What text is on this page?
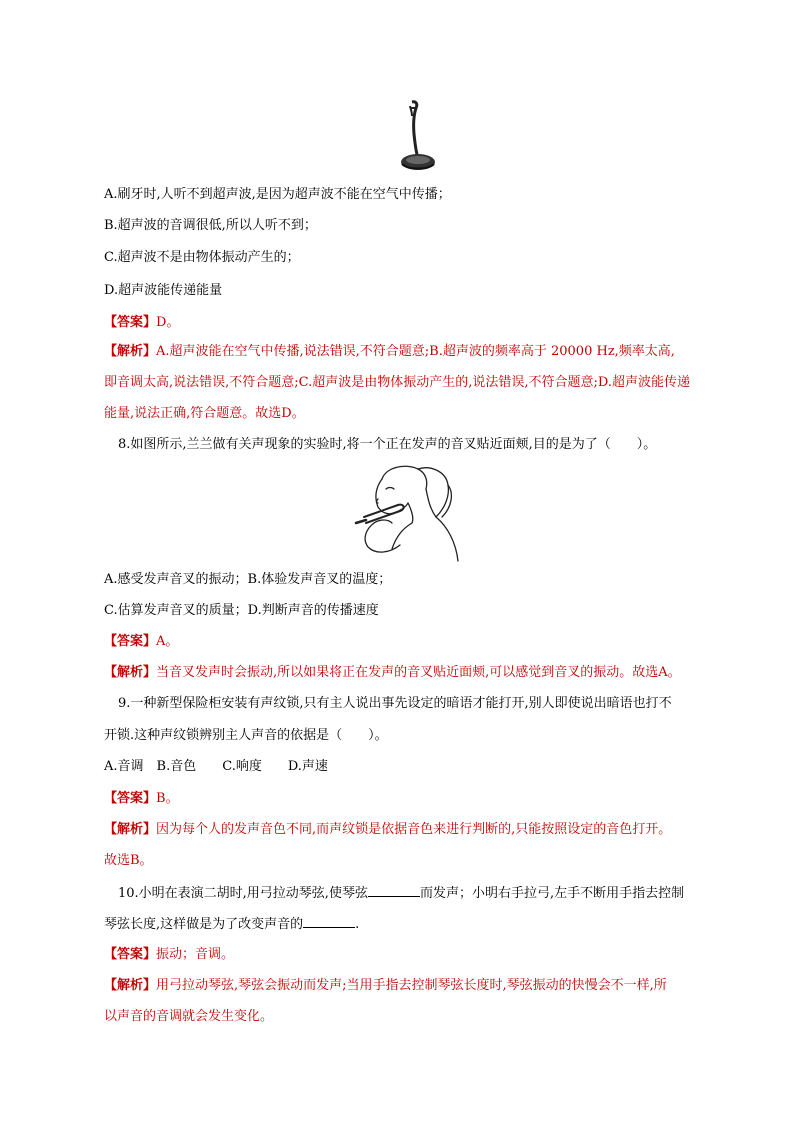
A.刷牙时,人听不到超声波,是因为超声波不能在空气中传播；
B.超声波的音调很低,所以人听不到；
C.超声波不是由物体振动产生的；
D.超声波能传递能量
【答案】D。
【解析】A.超声波能在空气中传播,说法错误,不符合题意;B.超声波的频率高于 20000 Hz,频率太高,
即音调太高,说法错误,不符合题意;C.超声波是由物体振动产生的,说法错误,不符合题意;D.超声波能传递
能量,说法正确,符合题意。故选D。
8.如图所示,兰兰做有关声现象的实验时,将一个正在发声的音叉贴近面颊,目的是为了（　　）。
A.感受发声音叉的振动；B.体验发声音叉的温度；
C.估算发声音叉的质量；D.判断声音的传播速度
【答案】A。
【解析】当音叉发声时会振动,所以如果将正在发声的音叉贴近面颊,可以感觉到音叉的振动。故选A。
9.一种新型保险柜安装有声纹锁,只有主人说出事先设定的暗语才能打开,别人即使说出暗语也打不
开锁.这种声纹锁辨别主人声音的依据是（　　）。
A.音调　B.音色　　C.响度　　D.声速
【答案】B。
【解析】因为每个人的发声音色不同,而声纹锁是依据音色来进行判断的,只能按照设定的音色打开。
故选B。
10.小明在表演二胡时,用弓拉动琴弦,使琴弦	而发声；小明右手拉弓,左手不断用手指去控制
琴弦长度,这样做是为了改变声音的	.
【答案】振动；音调。
【解析】用弓拉动琴弦,琴弦会振动而发声;当用手指去控制琴弦长度时,琴弦振动的快慢会不一样,所
以声音的音调就会发生变化。
